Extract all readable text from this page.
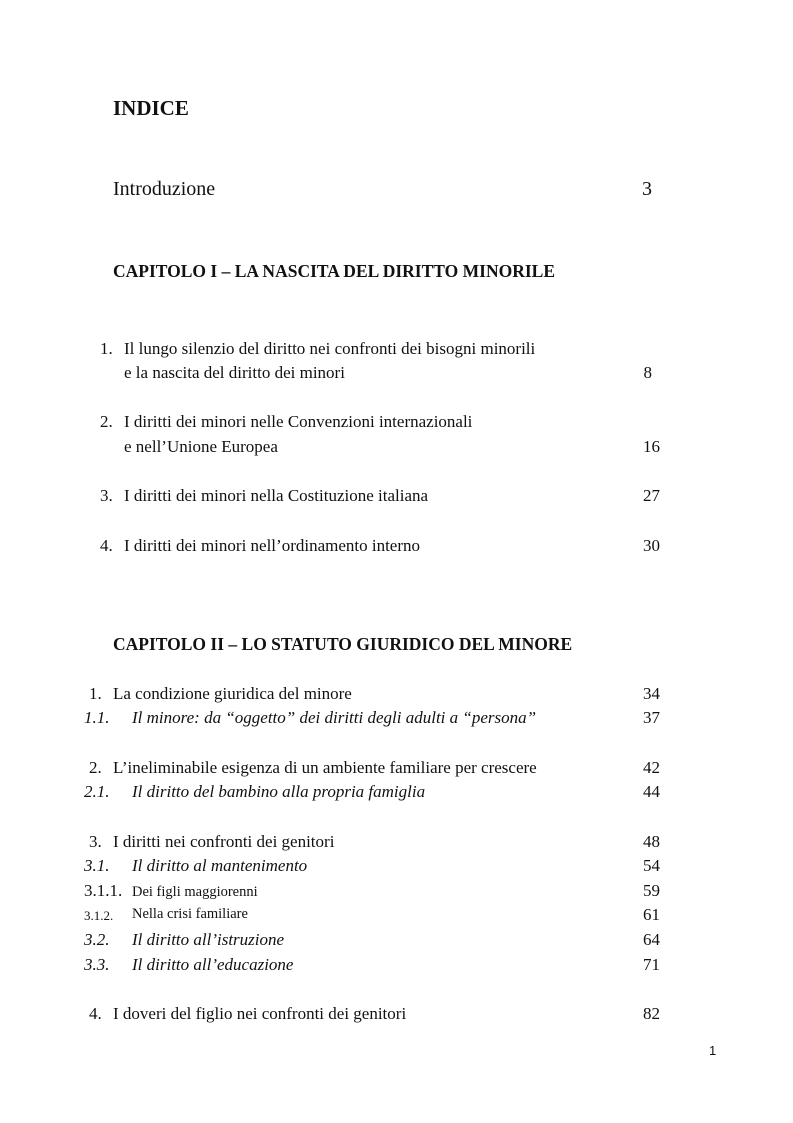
INDICE
Introduzione	3
CAPITOLO I – LA NASCITA DEL DIRITTO MINORILE
1. Il lungo silenzio del diritto nei confronti dei bisogni minorili
e la nascita del diritto dei minori	8
2. I diritti dei minori nelle Convenzioni internazionali
e nell’Unione Europea	16
3. I diritti dei minori nella Costituzione italiana	27
4. I diritti dei minori nell’ordinamento interno	30
CAPITOLO II – LO STATUTO GIURIDICO DEL MINORE
1. La condizione giuridica del minore	34
1.1. Il minore: da “oggetto” dei diritti degli adulti a “persona”	37
2. L’ineliminabile esigenza di un ambiente familiare per crescere	42
2.1. Il diritto del bambino alla propria famiglia	44
3. I diritti nei confronti dei genitori	48
3.1. Il diritto al mantenimento	54
3.1.1. Dei figli maggiorenni	59
3.1.2. Nella crisi familiare	61
3.2. Il diritto all’istruzione	64
3.3. Il diritto all’educazione	71
4. I doveri del figlio nei confronti dei genitori	82
1
